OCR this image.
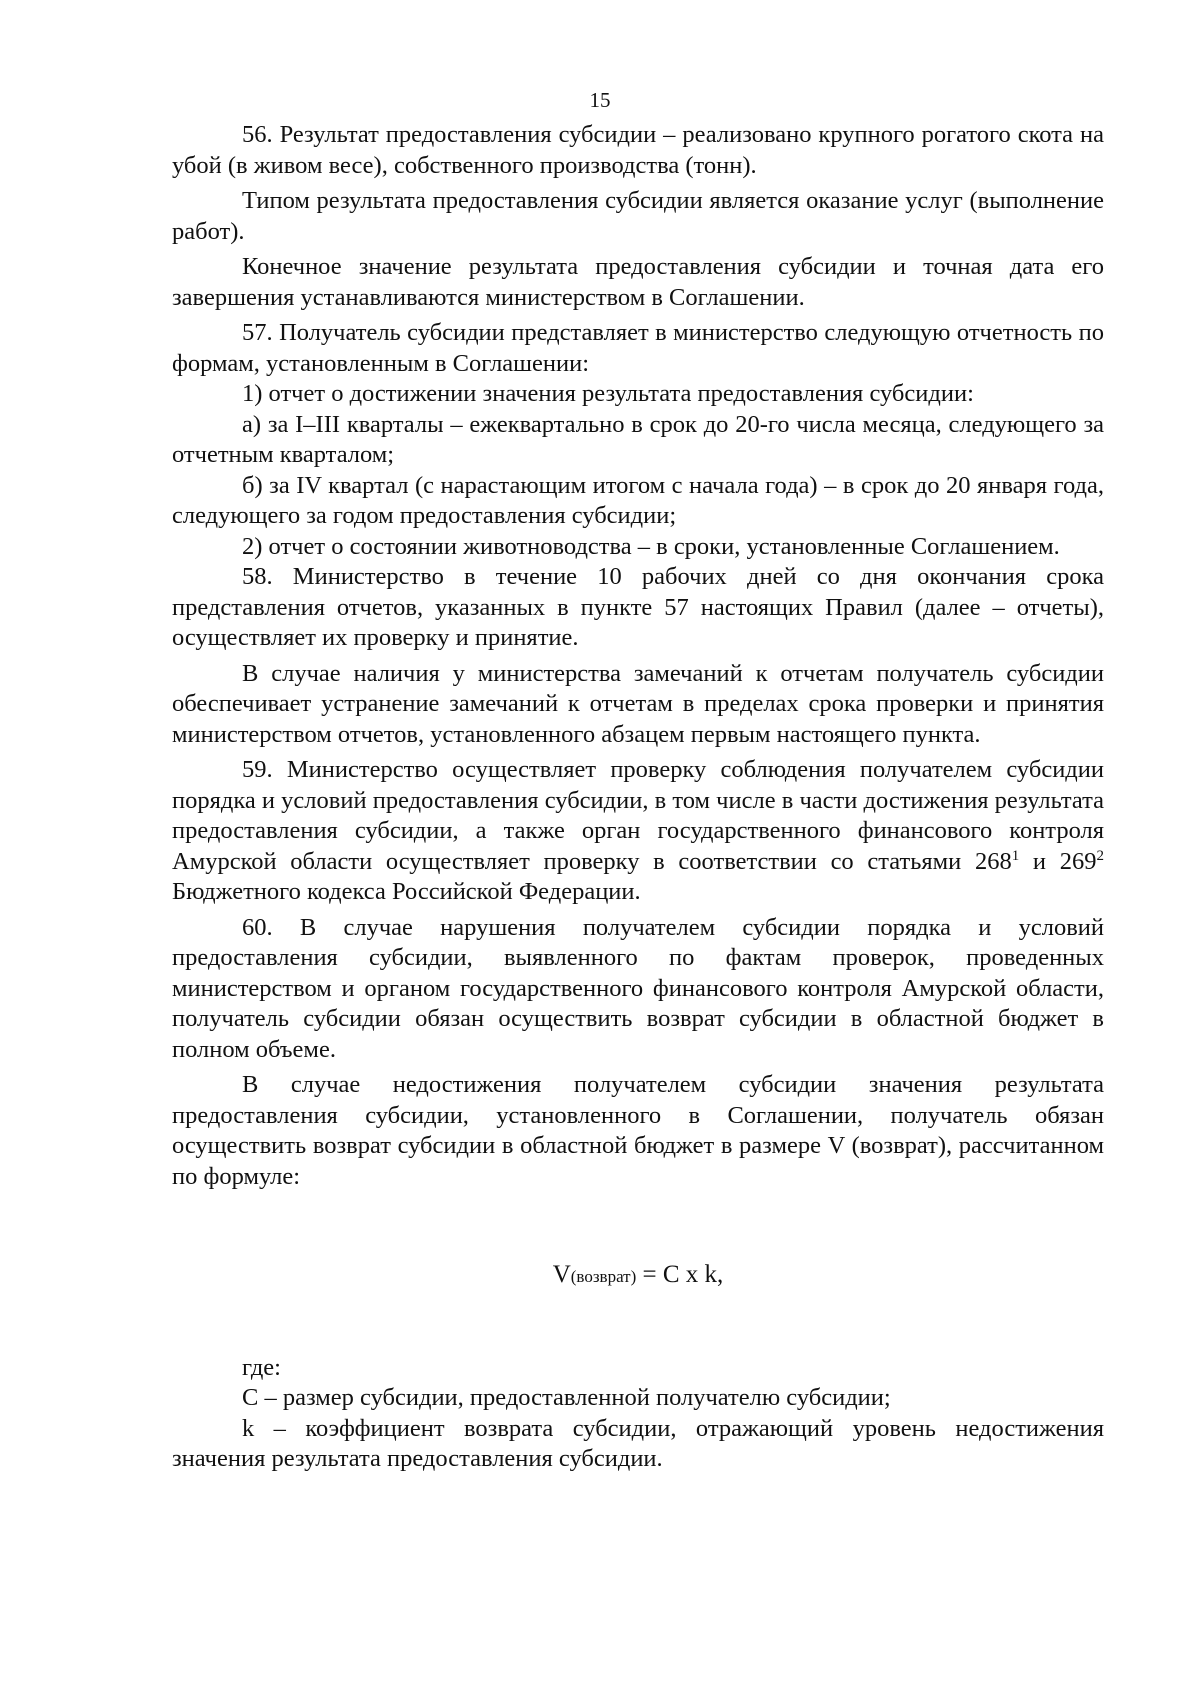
15

56. Результат предоставления субсидии – реализовано крупного рогатого скота на убой (в живом весе), собственного производства (тонн).

Типом результата предоставления субсидии является оказание услуг (выполнение работ).

Конечное значение результата предоставления субсидии и точная дата его завершения устанавливаются министерством в Соглашении.

57. Получатель субсидии представляет в министерство следующую отчетность по формам, установленным в Соглашении:

1) отчет о достижении значения результата предоставления субсидии:

а) за I–III кварталы – ежеквартально в срок до 20-го числа месяца, следующего за отчетным кварталом;

б) за IV квартал (с нарастающим итогом с начала года) – в срок до 20 января года, следующего за годом предоставления субсидии;

2) отчет о состоянии животноводства – в сроки, установленные Соглашением.

58. Министерство в течение 10 рабочих дней со дня окончания срока представления отчетов, указанных в пункте 57 настоящих Правил (далее – отчеты), осуществляет их проверку и принятие.

В случае наличия у министерства замечаний к отчетам получатель субсидии обеспечивает устранение замечаний к отчетам в пределах срока проверки и принятия министерством отчетов, установленного абзацем первым настоящего пункта.

59. Министерство осуществляет проверку соблюдения получателем субсидии порядка и условий предоставления субсидии, в том числе в части достижения результата предоставления субсидии, а также орган государственного финансового контроля Амурской области осуществляет проверку в соответствии со статьями $268^1$ и $269^2$ Бюджетного кодекса Российской Федерации.

60. В случае нарушения получателем субсидии порядка и условий предоставления субсидии, выявленного по фактам проверок, проведенных министерством и органом государственного финансового контроля Амурской области, получатель субсидии обязан осуществить возврат субсидии в областной бюджет в полном объеме.

В случае недостижения получателем субсидии значения результата предоставления субсидии, установленного в Соглашении, получатель обязан осуществить возврат субсидии в областной бюджет в размере V (возврат), рассчитанном по формуле:

V(возврат) = C x k,

где:

C – размер субсидии, предоставленной получателю субсидии;

k – коэффициент возврата субсидии, отражающий уровень недостижения значения результата предоставления субсидии.
